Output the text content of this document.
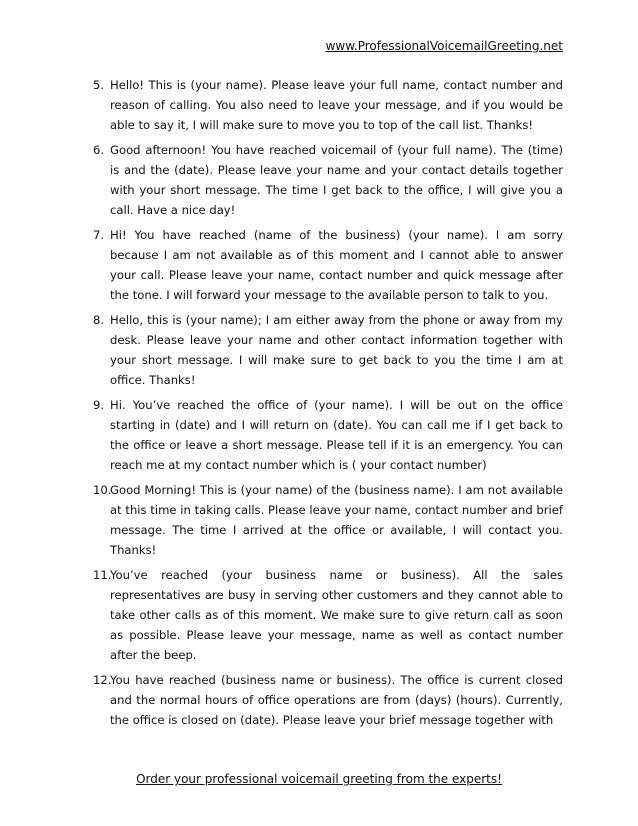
www.ProfessionalVoicemailGreeting.net
5. Hello! This is (your name). Please leave your full name, contact number and reason of calling. You also need to leave your message, and if you would be able to say it, I will make sure to move you to top of the call list. Thanks!
6. Good afternoon! You have reached voicemail of (your full name). The (time) is and the (date). Please leave your name and your contact details together with your short message. The time I get back to the office, I will give you a call. Have a nice day!
7. Hi! You have reached (name of the business) (your name). I am sorry because I am not available as of this moment and I cannot able to answer your call. Please leave your name, contact number and quick message after the tone. I will forward your message to the available person to talk to you.
8. Hello, this is (your name); I am either away from the phone or away from my desk. Please leave your name and other contact information together with your short message. I will make sure to get back to you the time I am at office. Thanks!
9. Hi. You’ve reached the office of (your name). I will be out on the office starting in (date) and I will return on (date). You can call me if I get back to the office or leave a short message. Please tell if it is an emergency. You can reach me at my contact number which is ( your contact number)
10.
Good Morning! This is (your name) of the (business name). I am not available at this time in taking calls. Please leave your name, contact number and brief message. The time I arrived at the office or available, I will contact you. Thanks!
11.
You’ve reached (your business name or business). All the sales representatives are busy in serving other customers and they cannot able to take other calls as of this moment. We make sure to give return call as soon as possible. Please leave your message, name as well as contact number after the beep.
12.
You have reached (business name or business). The office is current closed and the normal hours of office operations are from (days) (hours). Currently, the office is closed on (date). Please leave your brief message together with
Order your professional voicemail greeting from the experts!
